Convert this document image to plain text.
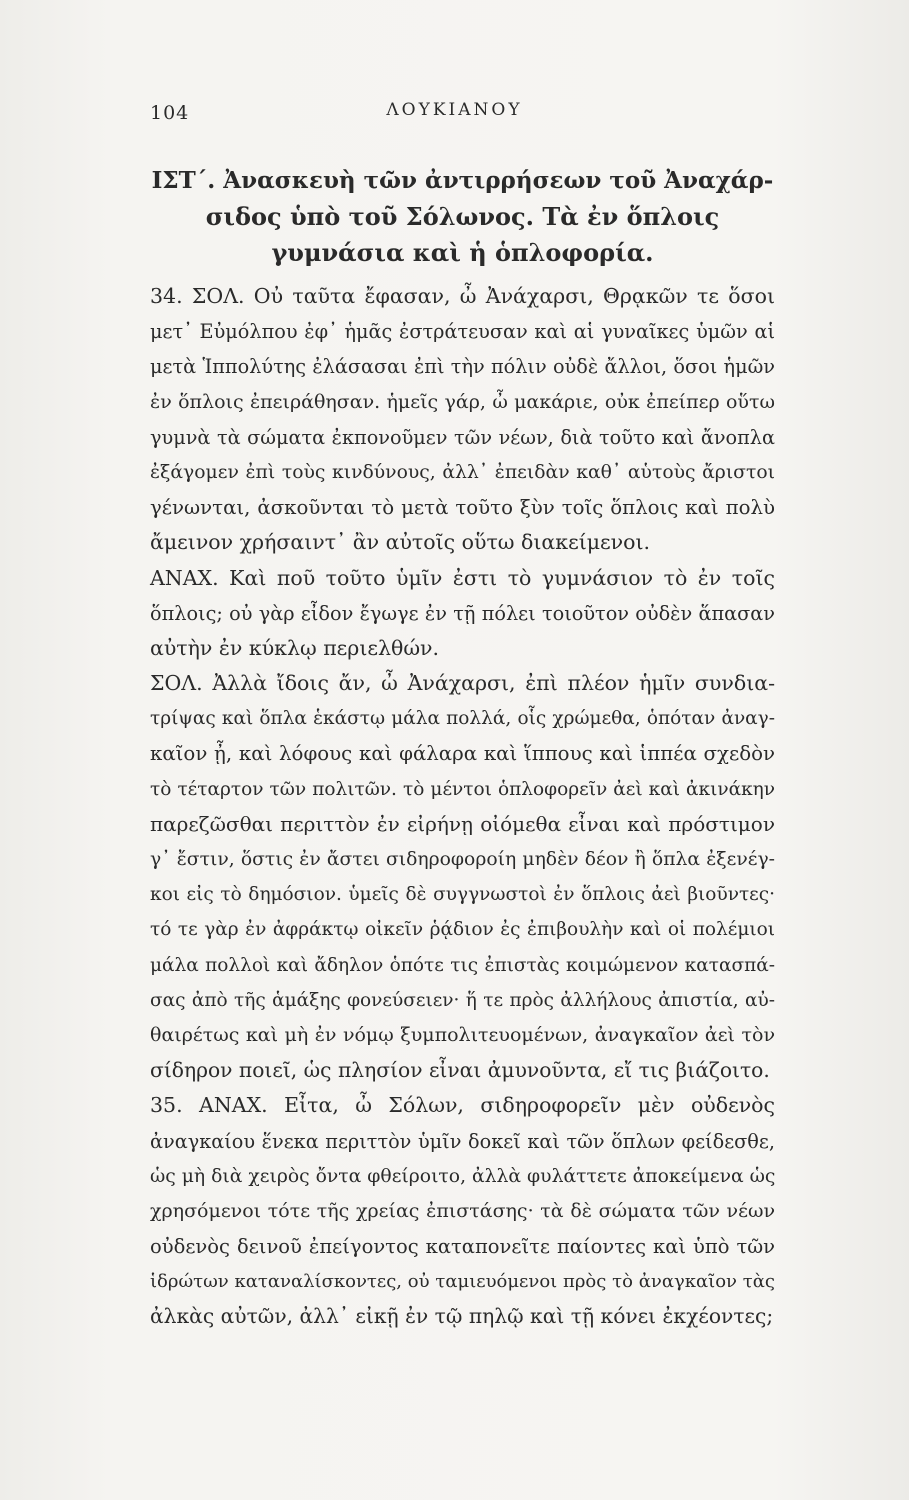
104	ΛΟΥΚΙΑΝΟΥ
ΙΣΤ΄. Ἀνασκευὴ τῶν ἀντιρρήσεων τοῦ Ἀναχάρ-
σιδος ὑπὸ τοῦ Σόλωνος. Τὰ ἐν ὅπλοις
γυμνάσια καὶ ἡ ὁπλοφορία.
34. ΣΟΛ. Οὐ ταῦτα ἔφασαν, ὦ Ἀνάχαρσι, Θρᾳκῶν τε ὅσοι
μετ᾽ Εὐμόλπου ἐφ᾽ ἡμᾶς ἐστράτευσαν καὶ αἱ γυναῖκες ὑμῶν αἱ
μετὰ Ἱππολύτης ἐλάσασαι ἐπὶ τὴν πόλιν οὐδὲ ἄλλοι, ὅσοι ἡμῶν
ἐν ὅπλοις ἐπειράθησαν. ἡμεῖς γάρ, ὦ μακάριε, οὐκ ἐπείπερ οὕτω
γυμνὰ τὰ σώματα ἐκπονοῦμεν τῶν νέων, διὰ τοῦτο καὶ ἄνοπλα
ἐξάγομεν ἐπὶ τοὺς κινδύνους, ἀλλ᾽ ἐπειδὰν καθ᾽ αὑτοὺς ἄριστοι
γένωνται, ἀσκοῦνται τὸ μετὰ τοῦτο ξὺν τοῖς ὅπλοις καὶ πολὺ
ἄμεινον χρήσαιντ᾽ ἂν αὐτοῖς οὕτω διακείμενοι.
ΑΝΑΧ. Καὶ ποῦ τοῦτο ὑμῖν ἐστι τὸ γυμνάσιον τὸ ἐν τοῖς
ὅπλοις; οὐ γὰρ εἶδον ἔγωγε ἐν τῇ πόλει τοιοῦτον οὐδὲν ἅπασαν
αὐτὴν ἐν κύκλῳ περιελθών.
ΣΟΛ. Ἀλλὰ ἴδοις ἄν, ὦ Ἀνάχαρσι, ἐπὶ πλέον ἡμῖν συνδια-
τρίψας καὶ ὅπλα ἑκάστῳ μάλα πολλά, οἷς χρώμεθα, ὁπόταν ἀναγ-
καῖον ᾖ, καὶ λόφους καὶ φάλαρα καὶ ἵππους καὶ ἱππέα σχεδὸν
τὸ τέταρτον τῶν πολιτῶν. τὸ μέντοι ὁπλοφορεῖν ἀεὶ καὶ ἀκινάκην
παρεζῶσθαι περιττὸν ἐν εἰρήνῃ οἰόμεθα εἶναι καὶ πρόστιμον
γ᾽ ἔστιν, ὅστις ἐν ἄστει σιδηροφοροίη μηδὲν δέον ἢ ὅπλα ἐξενέγ-
κοι εἰς τὸ δημόσιον. ὑμεῖς δὲ συγγνωστοὶ ἐν ὅπλοις ἀεὶ βιοῦντες·
τό τε γὰρ ἐν ἀφράκτῳ οἰκεῖν ῥᾴδιον ἐς ἐπιβουλὴν καὶ οἱ πολέμιοι
μάλα πολλοὶ καὶ ἄδηλον ὁπότε τις ἐπιστὰς κοιμώμενον κατασπά-
σας ἀπὸ τῆς ἁμάξης φονεύσειεν· ἥ τε πρὸς ἀλλήλους ἀπιστία, αὐ-
θαιρέτως καὶ μὴ ἐν νόμῳ ξυμπολιτευομένων, ἀναγκαῖον ἀεὶ τὸν
σίδηρον ποιεῖ, ὡς πλησίον εἶναι ἀμυνοῦντα, εἴ τις βιάζοιτο.
35. ΑΝΑΧ. Εἶτα, ὦ Σόλων, σιδηροφορεῖν μὲν οὐδενὸς
ἀναγκαίου ἕνεκα περιττὸν ὑμῖν δοκεῖ καὶ τῶν ὅπλων φείδεσθε,
ὡς μὴ διὰ χειρὸς ὄντα φθείροιτο, ἀλλὰ φυλάττετε ἀποκείμενα ὡς
χρησόμενοι τότε τῆς χρείας ἐπιστάσης· τὰ δὲ σώματα τῶν νέων
οὐδενὸς δεινοῦ ἐπείγοντος καταπονεῖτε παίοντες καὶ ὑπὸ τῶν
ἱδρώτων καταναλίσκοντες, οὐ ταμιευόμενοι πρὸς τὸ ἀναγκαῖον τὰς
ἀλκὰς αὐτῶν, ἀλλ᾽ εἰκῇ ἐν τῷ πηλῷ καὶ τῇ κόνει ἐκχέοντες;
